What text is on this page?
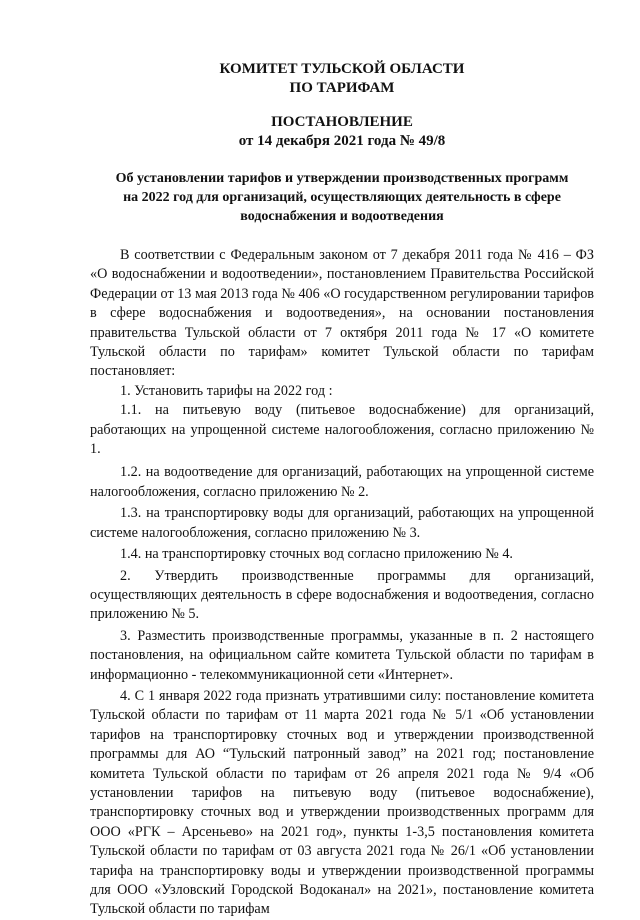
КОМИТЕТ ТУЛЬСКОЙ ОБЛАСТИ

ПО ТАРИФАМ

ПОСТАНОВЛЕНИЕ

от 14 декабря 2021 года № 49/8

Об установлении тарифов и утверждении производственных программ
на 2022 год для организаций, осуществляющих деятельность в сфере
водоснабжения и водоотведения

В соответствии с Федеральным законом от 7 декабря 2011 года № 416 – ФЗ «О водоснабжении и водоотведении», постановлением Правительства Российской Федерации от 13 мая 2013 года № 406 «О государственном регулировании тарифов в сфере водоснабжения и водоотведения», на основании постановления правительства Тульской области от 7 октября 2011 года № 17 «О комитете Тульской области по тарифам» комитет Тульской области по тарифам постановляет:

1. Установить тарифы на 2022 год :

1.1. на питьевую воду (питьевое водоснабжение) для организаций, работающих на упрощенной системе налогообложения, согласно приложению № 1.

1.2. на водоотведение для организаций, работающих на упрощенной системе налогообложения, согласно приложению № 2.

1.3. на транспортировку воды для организаций, работающих на упрощенной системе налогообложения, согласно приложению № 3.

1.4. на транспортировку сточных вод согласно приложению № 4.

2. Утвердить производственные программы для организаций, осуществляющих деятельность в сфере водоснабжения и водоотведения, согласно приложению № 5.

3. Разместить производственные программы, указанные в п. 2 настоящего постановления, на официальном сайте комитета Тульской области по тарифам в информационно - телекоммуникационной сети «Интернет».

4. С 1 января 2022 года признать утратившими силу: постановление комитета Тульской области по тарифам от 11 марта 2021 года № 5/1 «Об установлении тарифов на транспортировку сточных вод и утверждении производственной программы для АО “Тульский патронный завод” на 2021 год; постановление комитета Тульской области по тарифам от 26 апреля 2021 года № 9/4 «Об установлении тарифов на питьевую воду (питьевое водоснабжение), транспортировку сточных вод и утверждении производственных программ для ООО «РГК – Арсеньево» на 2021 год», пункты 1-3,5 постановления комитета Тульской области по тарифам от 03 августа 2021 года № 26/1 «Об установлении тарифа на транспортировку воды и утверждении производственной программы для ООО «Узловский Городской Водоканал» на 2021», постановление комитета Тульской области по тарифам
